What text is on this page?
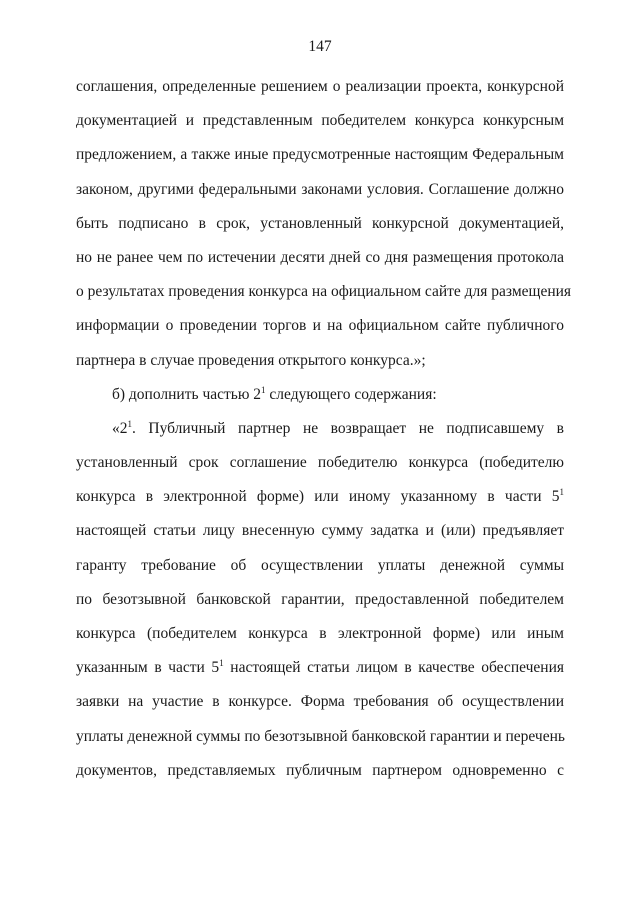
147
соглашения, определенные решением о реализации проекта, конкурсной
документацией и представленным победителем конкурса конкурсным
предложением, а также иные предусмотренные настоящим Федеральным
законом, другими федеральными законами условия. Соглашение должно
быть подписано в срок, установленный конкурсной документацией,
но не ранее чем по истечении десяти дней со дня размещения протокола
о результатах проведения конкурса на официальном сайте для размещения
информации о проведении торгов и на официальном сайте публичного
партнера в случае проведения открытого конкурса.»;
б) дополнить частью $2^1$ следующего содержания:
«$2^1$. Публичный партнер не возвращает не подписавшему в
установленный срок соглашение победителю конкурса (победителю
конкурса в электронной форме) или иному указанному в части $5^1$
настоящей статьи лицу внесенную сумму задатка и (или) предъявляет
гаранту требование об осуществлении уплаты денежной суммы
по безотзывной банковской гарантии, предоставленной победителем
конкурса (победителем конкурса в электронной форме) или иным
указанным в части $5^1$ настоящей статьи лицом в качестве обеспечения
заявки на участие в конкурсе. Форма требования об осуществлении
уплаты денежной суммы по безотзывной банковской гарантии и перечень
документов, представляемых публичным партнером одновременно с
